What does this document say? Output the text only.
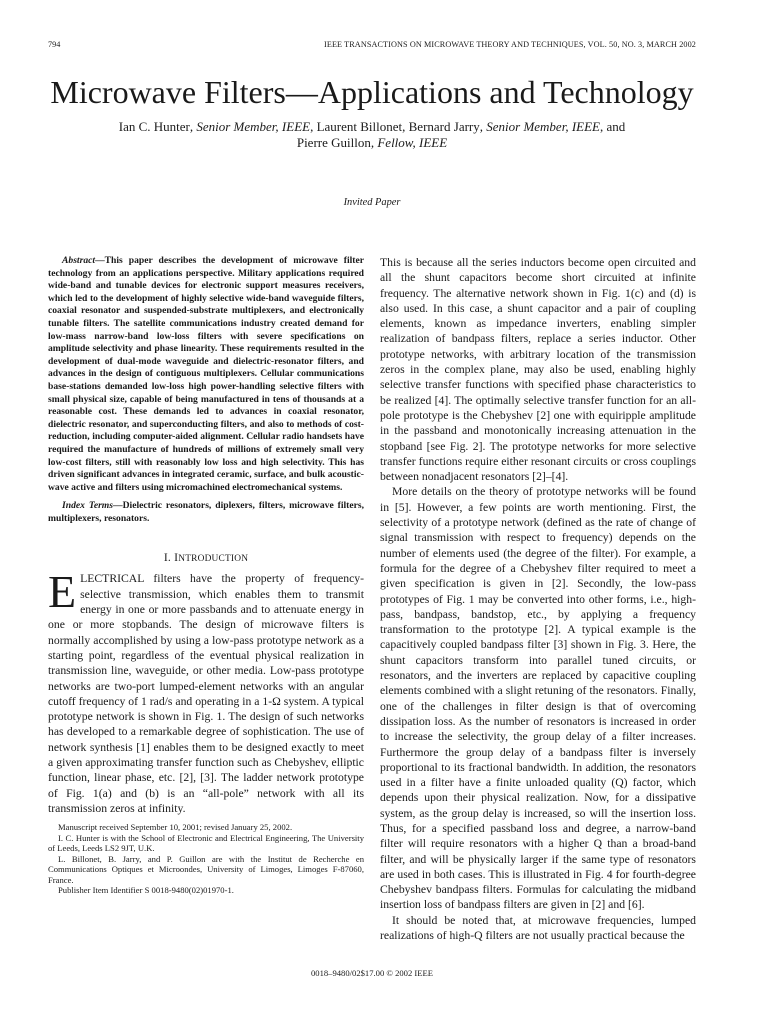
794	IEEE TRANSACTIONS ON MICROWAVE THEORY AND TECHNIQUES, VOL. 50, NO. 3, MARCH 2002
Microwave Filters—Applications and Technology
Ian C. Hunter, Senior Member, IEEE, Laurent Billonet, Bernard Jarry, Senior Member, IEEE, and
Pierre Guillon, Fellow, IEEE
Invited Paper

Abstract—This paper describes the development of microwave filter technology from an applications perspective. Military applications required wide-band and tunable devices for electronic support measures receivers, which led to the development of highly selective wide-band waveguide filters, coaxial resonator and suspended-substrate multiplexers, and electronically tunable filters. The satellite communications industry created demand for low-mass narrow-band low-loss filters with severe specifications on amplitude selectivity and phase linearity. These requirements resulted in the development of dual-mode waveguide and dielectric-resonator filters, and advances in the design of contiguous multiplexers. Cellular communications base-stations demanded low-loss high power-handling selective filters with small physical size, capable of being manufactured in tens of thousands at a reasonable cost. These demands led to advances in coaxial resonator, dielectric resonator, and superconducting filters, and also to methods of cost-reduction, including computer-aided alignment. Cellular radio handsets have required the manufacture of hundreds of millions of extremely small very low-cost filters, still with reasonably low loss and high selectivity. This has driven significant advances in integrated ceramic, surface, and bulk acoustic-wave active and filters using micromachined electromechanical systems.

Index Terms—Dielectric resonators, diplexers, filters, microwave filters, multiplexers, resonators.

I. INTRODUCTION

ELECTRICAL filters have the property of frequency-selective transmission, which enables them to transmit energy in one or more passbands and to attenuate energy in one or more stopbands. The design of microwave filters is normally accomplished by using a low-pass prototype network as a starting point, regardless of the eventual physical realization in transmission line, waveguide, or other media. Low-pass prototype networks are two-port lumped-element networks with an angular cutoff frequency of 1 rad/s and operating in a 1-Ω system. A typical prototype network is shown in Fig. 1. The design of such networks has developed to a remarkable degree of sophistication. The use of network synthesis [1] enables them to be designed exactly to meet a given approximating transfer function such as Chebyshev, elliptic function, linear phase, etc. [2], [3]. The ladder network prototype of Fig. 1(a) and (b) is an “all-pole” network with all its transmission zeros at infinity.

Manuscript received September 10, 2001; revised January 25, 2002.

I. C. Hunter is with the School of Electronic and Electrical Engineering, The University of Leeds, Leeds LS2 9JT, U.K.

L. Billonet, B. Jarry, and P. Guillon are with the Institut de Recherche en Communications Optiques et Microondes, University of Limoges, Limoges F-87060, France.

Publisher Item Identifier S 0018-9480(02)01970-1.

This is because all the series inductors become open circuited and all the shunt capacitors become short circuited at infinite frequency. The alternative network shown in Fig. 1(c) and (d) is also used. In this case, a shunt capacitor and a pair of coupling elements, known as impedance inverters, enabling simpler realization of bandpass filters, replace a series inductor. Other prototype networks, with arbitrary location of the transmission zeros in the complex plane, may also be used, enabling highly selective transfer functions with specified phase characteristics to be realized [4]. The optimally selective transfer function for an all-pole prototype is the Chebyshev [2] one with equiripple amplitude in the passband and monotonically increasing attenuation in the stopband [see Fig. 2]. The prototype networks for more selective transfer functions require either resonant circuits or cross couplings between nonadjacent resonators [2]–[4].

More details on the theory of prototype networks will be found in [5]. However, a few points are worth mentioning. First, the selectivity of a prototype network (defined as the rate of change of signal transmission with respect to frequency) depends on the number of elements used (the degree of the filter). For example, a formula for the degree of a Chebyshev filter required to meet a given specification is given in [2]. Secondly, the low-pass prototypes of Fig. 1 may be converted into other forms, i.e., high-pass, bandpass, bandstop, etc., by applying a frequency transformation to the prototype [2]. A typical example is the capacitively coupled bandpass filter [3] shown in Fig. 3. Here, the shunt capacitors transform into parallel tuned circuits, or resonators, and the inverters are replaced by capacitive coupling elements combined with a slight retuning of the resonators. Finally, one of the challenges in filter design is that of overcoming dissipation loss. As the number of resonators is increased in order to increase the selectivity, the group delay of a filter increases. Furthermore the group delay of a bandpass filter is inversely proportional to its fractional bandwidth. In addition, the resonators used in a filter have a finite unloaded quality (Q) factor, which depends upon their physical realization. Now, for a dissipative system, as the group delay is increased, so will the insertion loss. Thus, for a specified passband loss and degree, a narrow-band filter will require resonators with a higher Q than a broad-band filter, and will be physically larger if the same type of resonators are used in both cases. This is illustrated in Fig. 4 for fourth-degree Chebyshev bandpass filters. Formulas for calculating the midband insertion loss of bandpass filters are given in [2] and [6].

It should be noted that, at microwave frequencies, lumped realizations of high-Q filters are not usually practical because the

0018–9480/02$17.00 © 2002 IEEE
